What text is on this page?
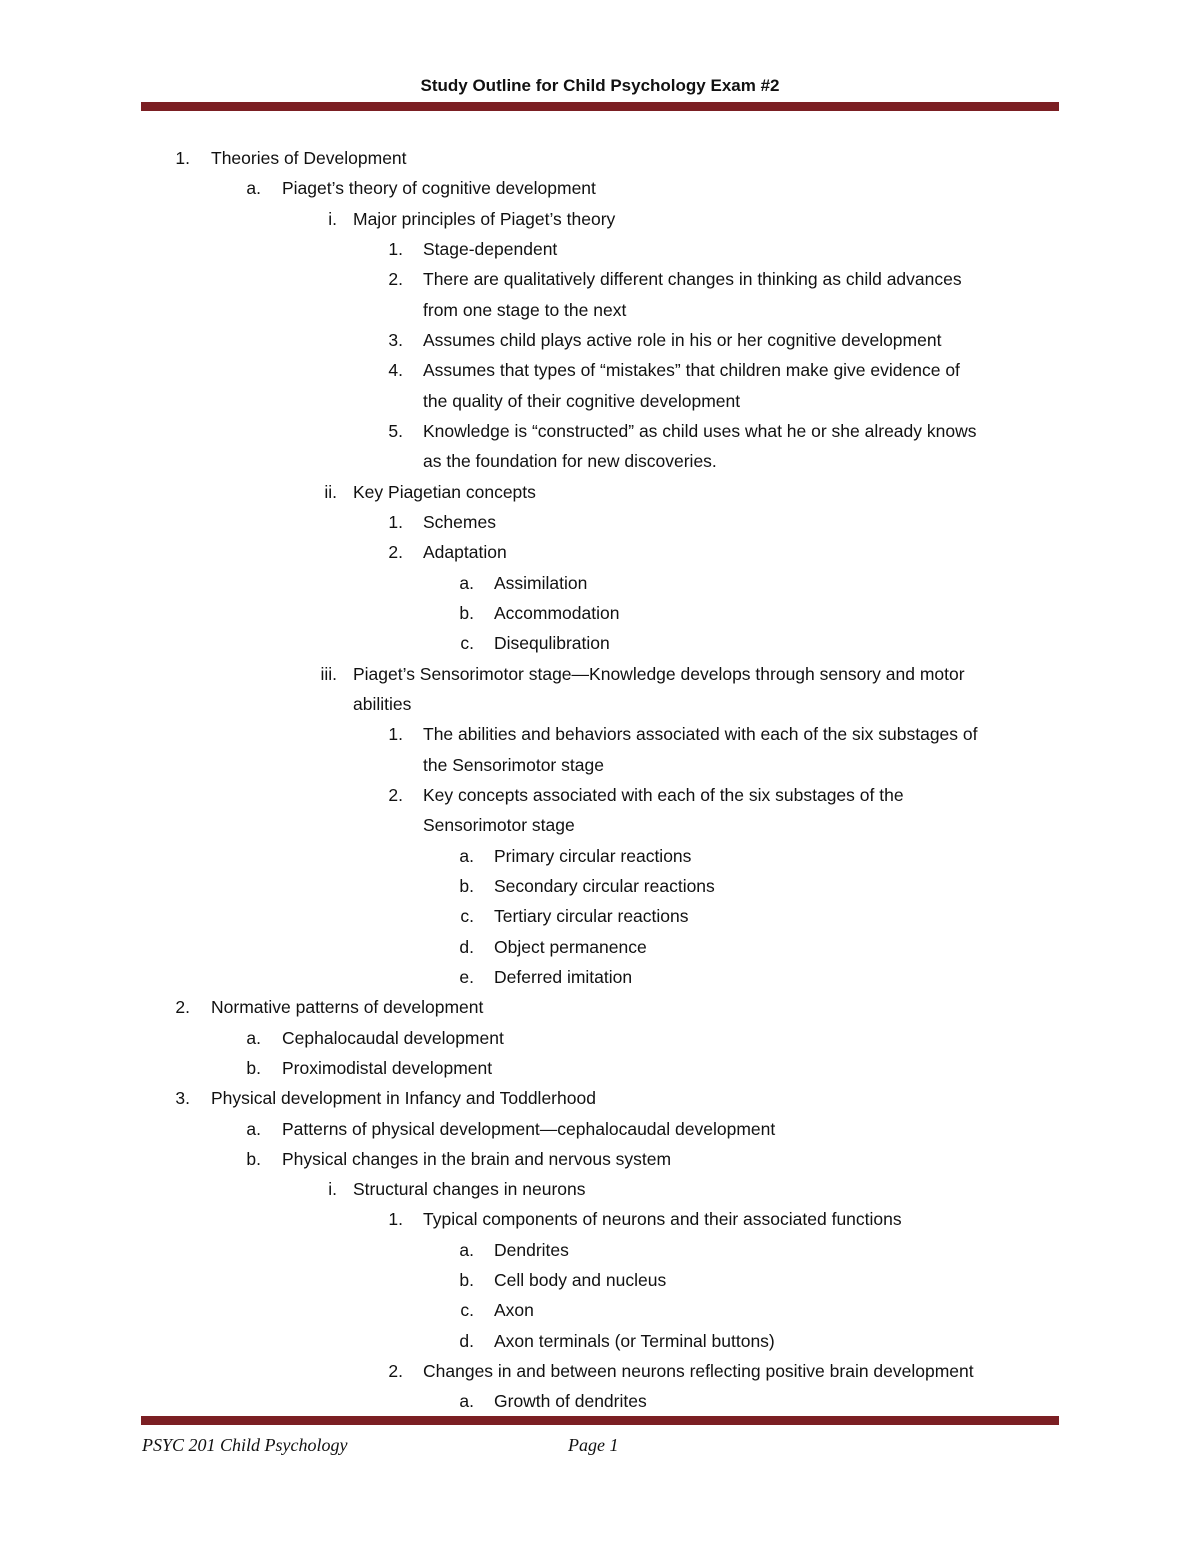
Study Outline for Child Psychology Exam #2
1. Theories of Development
a. Piaget’s theory of cognitive development
i. Major principles of Piaget’s theory
1. Stage-dependent
2. There are qualitatively different changes in thinking as child advances
from one stage to the next
3. Assumes child plays active role in his or her cognitive development
4. Assumes that types of “mistakes” that children make give evidence of
the quality of their cognitive development
5. Knowledge is “constructed” as child uses what he or she already knows
as the foundation for new discoveries.
ii. Key Piagetian concepts
1. Schemes
2. Adaptation
a. Assimilation
b. Accommodation
c. Disequlibration
iii. Piaget’s Sensorimotor stage—Knowledge develops through sensory and motor
abilities
1. The abilities and behaviors associated with each of the six substages of
the Sensorimotor stage
2. Key concepts associated with each of the six substages of the
Sensorimotor stage
a. Primary circular reactions
b. Secondary circular reactions
c. Tertiary circular reactions
d. Object permanence
e. Deferred imitation
2. Normative patterns of development
a. Cephalocaudal development
b. Proximodistal development
3. Physical development in Infancy and Toddlerhood
a. Patterns of physical development—cephalocaudal development
b. Physical changes in the brain and nervous system
i. Structural changes in neurons
1. Typical components of neurons and their associated functions
a. Dendrites
b. Cell body and nucleus
c. Axon
d. Axon terminals (or Terminal buttons)
2. Changes in and between neurons reflecting positive brain development
a. Growth of dendrites
PSYC 201 Child Psychology	Page 1
